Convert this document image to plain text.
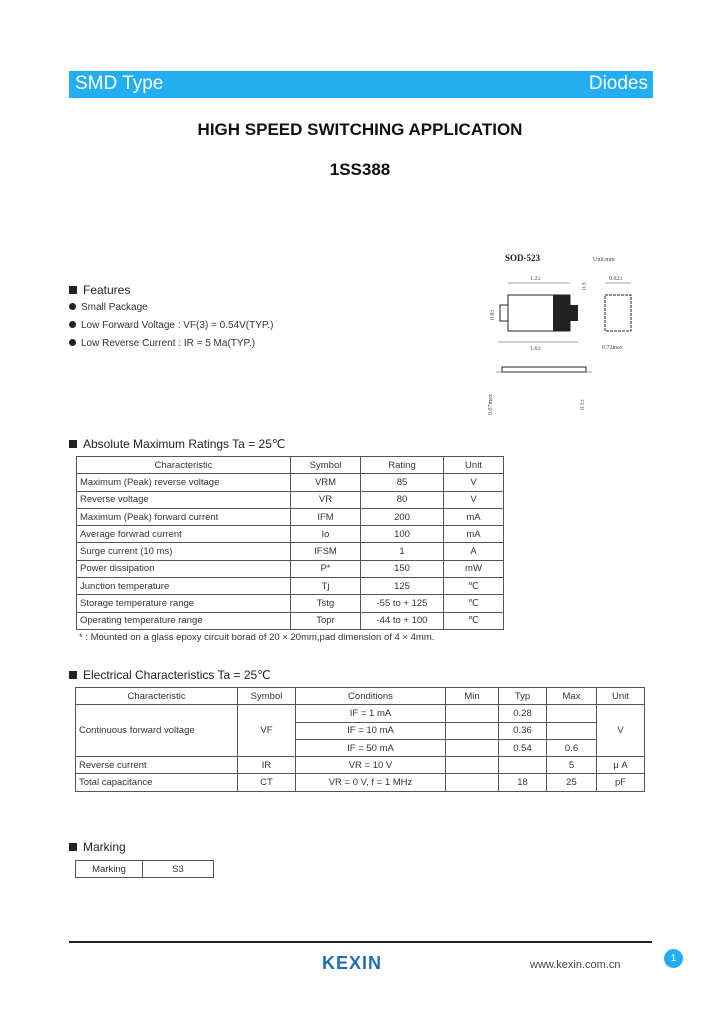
SMD Type	Diodes
HIGH SPEED SWITCHING APPLICATION
1SS388
SOD-523	Unit:mm
1.2±
1.6±
0.8±
0.3
0.62±
0.72max
0.07max	0.1±
Features
Small Package
Low Forward Voltage : VF(3) = 0.54V(TYP.)
Low Reverse Current : IR = 5 Ma(TYP.)
Absolute Maximum Ratings Ta = 25℃
Characteristic	Symbol	Rating	Unit
Maximum (Peak) reverse voltage	VRM	85	V
Reverse voltage	VR	80	V
Maximum (Peak) forward current	IFM	200	mA
Average forwrad current	Io	100	mA
Surge current (10 ms)	IFSM	1	A
Power dissipation	P*	150	mW
Junction temperature	Tj	125	℃
Storage temperature range	Tstg	-55 to + 125	℃
Operating temperature range	Topr	-44 to + 100	℃
* : Mounted on a glass epoxy circuit borad of 20 × 20mm,pad dimension of 4 × 4mm.
Electrical Characteristics Ta = 25℃
Characteristic	Symbol	Conditions	Min	Typ	Max	Unit
Continuous forward voltage	VF	IF = 1 mA		0.28		V
		IF = 10 mA		0.36		
		IF = 50 mA		0.54	0.6	
Reverse current	IR	VR = 10 V			5	μ A
Total capacitance	CT	VR = 0 V, f = 1 MHz		18	25	pF
Marking
Marking	S3
KEXIN	www.kexin.com.cn
1
